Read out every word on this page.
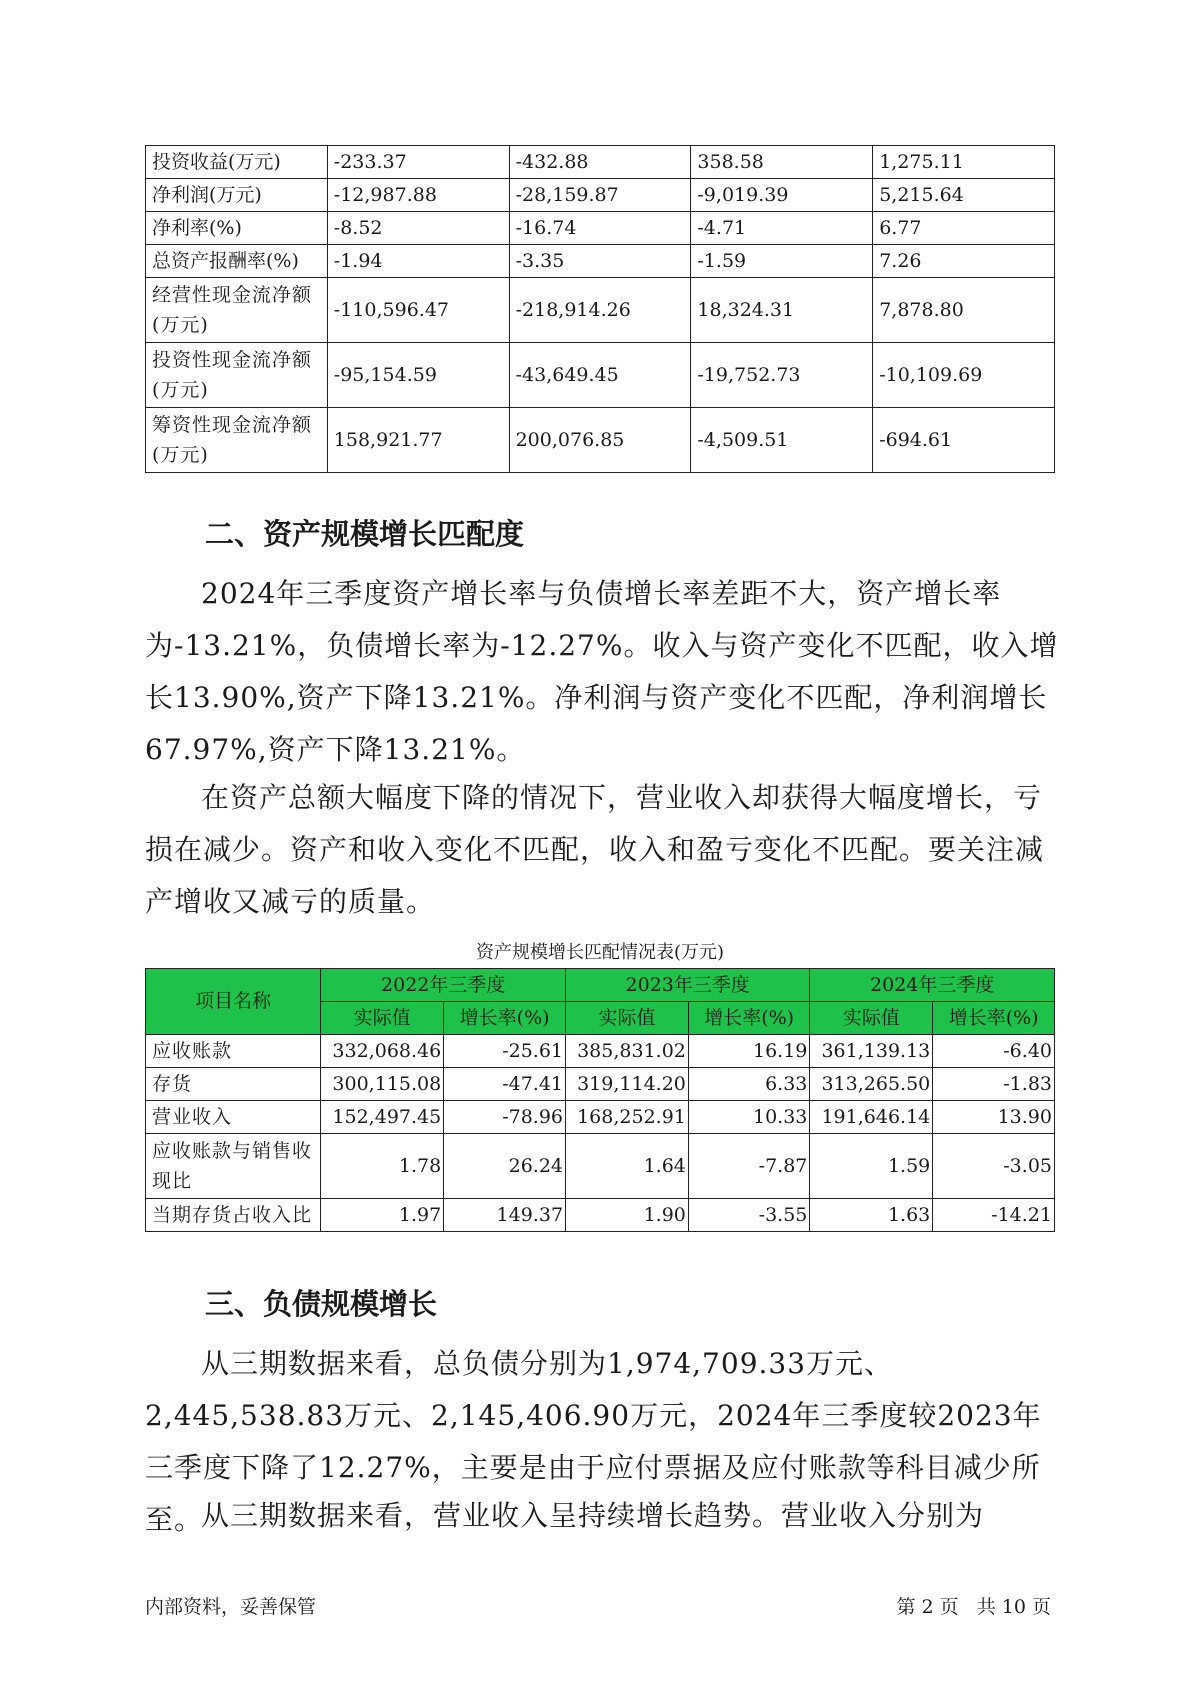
投资收益(万元)	-233.37	-432.88	358.58	1,275.11
净利润(万元)	-12,987.88	-28,159.87	-9,019.39	5,215.64
净利率(%)	-8.52	-16.74	-4.71	6.77
总资产报酬率(%)	-1.94	-3.35	-1.59	7.26
经营性现金流净额(万元)	-110,596.47	-218,914.26	18,324.31	7,878.80
投资性现金流净额(万元)	-95,154.59	-43,649.45	-19,752.73	-10,109.69
筹资性现金流净额(万元)	158,921.77	200,076.85	-4,509.51	-694.61
二、资产规模增长匹配度
2024年三季度资产增长率与负债增长率差距不大，资产增长率为-13.21%，负债增长率为-12.27%。收入与资产变化不匹配，收入增长13.90%,资产下降13.21%。净利润与资产变化不匹配，净利润增长67.97%,资产下降13.21%。
在资产总额大幅度下降的情况下，营业收入却获得大幅度增长，亏损在减少。资产和收入变化不匹配，收入和盈亏变化不匹配。要关注减产增收又减亏的质量。
资产规模增长匹配情况表(万元)
项目名称	2022年三季度		2023年三季度		2024年三季度	
	实际值	增长率(%)	实际值	增长率(%)	实际值	增长率(%)
应收账款	332,068.46	-25.61	385,831.02	16.19	361,139.13	-6.40
存货	300,115.08	-47.41	319,114.20	6.33	313,265.50	-1.83
营业收入	152,497.45	-78.96	168,252.91	10.33	191,646.14	13.90
应收账款与销售收现比	1.78	26.24	1.64	-7.87	1.59	-3.05
当期存货占收入比	1.97	149.37	1.90	-3.55	1.63	-14.21
三、负债规模增长
从三期数据来看，总负债分别为1,974,709.33万元、2,445,538.83万元、2,145,406.90万元，2024年三季度较2023年三季度下降了12.27%，主要是由于应付票据及应付账款等科目减少所至。
从三期数据来看，营业收入呈持续增长趋势。营业收入分别为
内部资料，妥善保管	第 2 页   共 10 页
